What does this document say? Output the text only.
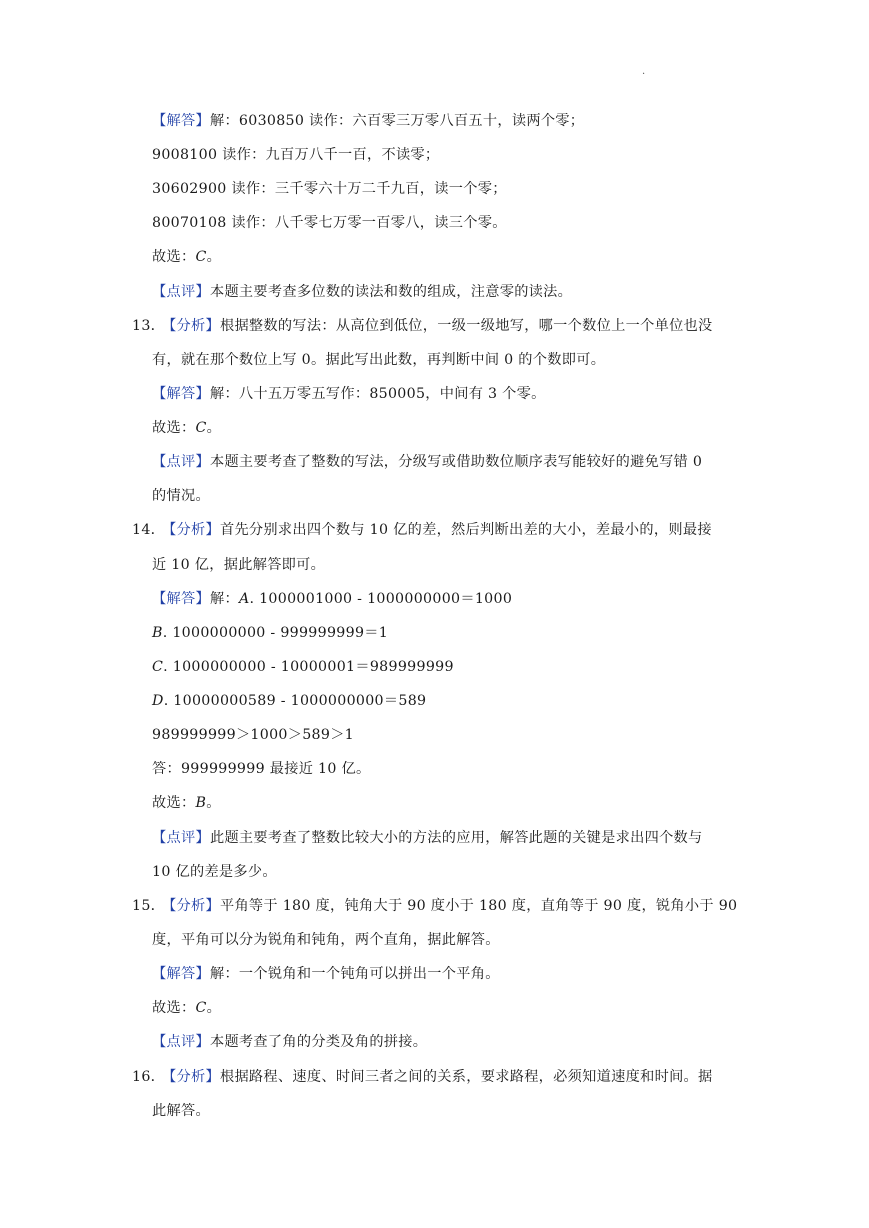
.
【解答】解：6030850 读作：六百零三万零八百五十，读两个零；
9008100 读作：九百万八千一百，不读零；
30602900 读作：三千零六十万二千九百，读一个零；
80070108 读作：八千零七万零一百零八，读三个零。
故选：C。
【点评】本题主要考查多位数的读法和数的组成，注意零的读法。
13．【分析】根据整数的写法：从高位到低位，一级一级地写，哪一个数位上一个单位也没
有，就在那个数位上写 0。据此写出此数，再判断中间 0 的个数即可。
【解答】解：八十五万零五写作：850005，中间有 3 个零。
故选：C。
【点评】本题主要考查了整数的写法，分级写或借助数位顺序表写能较好的避免写错 0
的情况。
14．【分析】首先分别求出四个数与 10 亿的差，然后判断出差的大小，差最小的，则最接
近 10 亿，据此解答即可。
【解答】解：A. 1000001000 - 1000000000＝1000
B. 1000000000 - 999999999＝1
C. 1000000000 - 10000001＝989999999
D. 10000000589 - 1000000000＝589
989999999＞1000＞589＞1
答：999999999 最接近 10 亿。
故选：B。
【点评】此题主要考查了整数比较大小的方法的应用，解答此题的关键是求出四个数与
10 亿的差是多少。
15．【分析】平角等于 180 度，钝角大于 90 度小于 180 度，直角等于 90 度，锐角小于 90
度，平角可以分为锐角和钝角，两个直角，据此解答。
【解答】解：一个锐角和一个钝角可以拼出一个平角。
故选：C。
【点评】本题考查了角的分类及角的拼接。
16．【分析】根据路程、速度、时间三者之间的关系，要求路程，必须知道速度和时间。据
此解答。
